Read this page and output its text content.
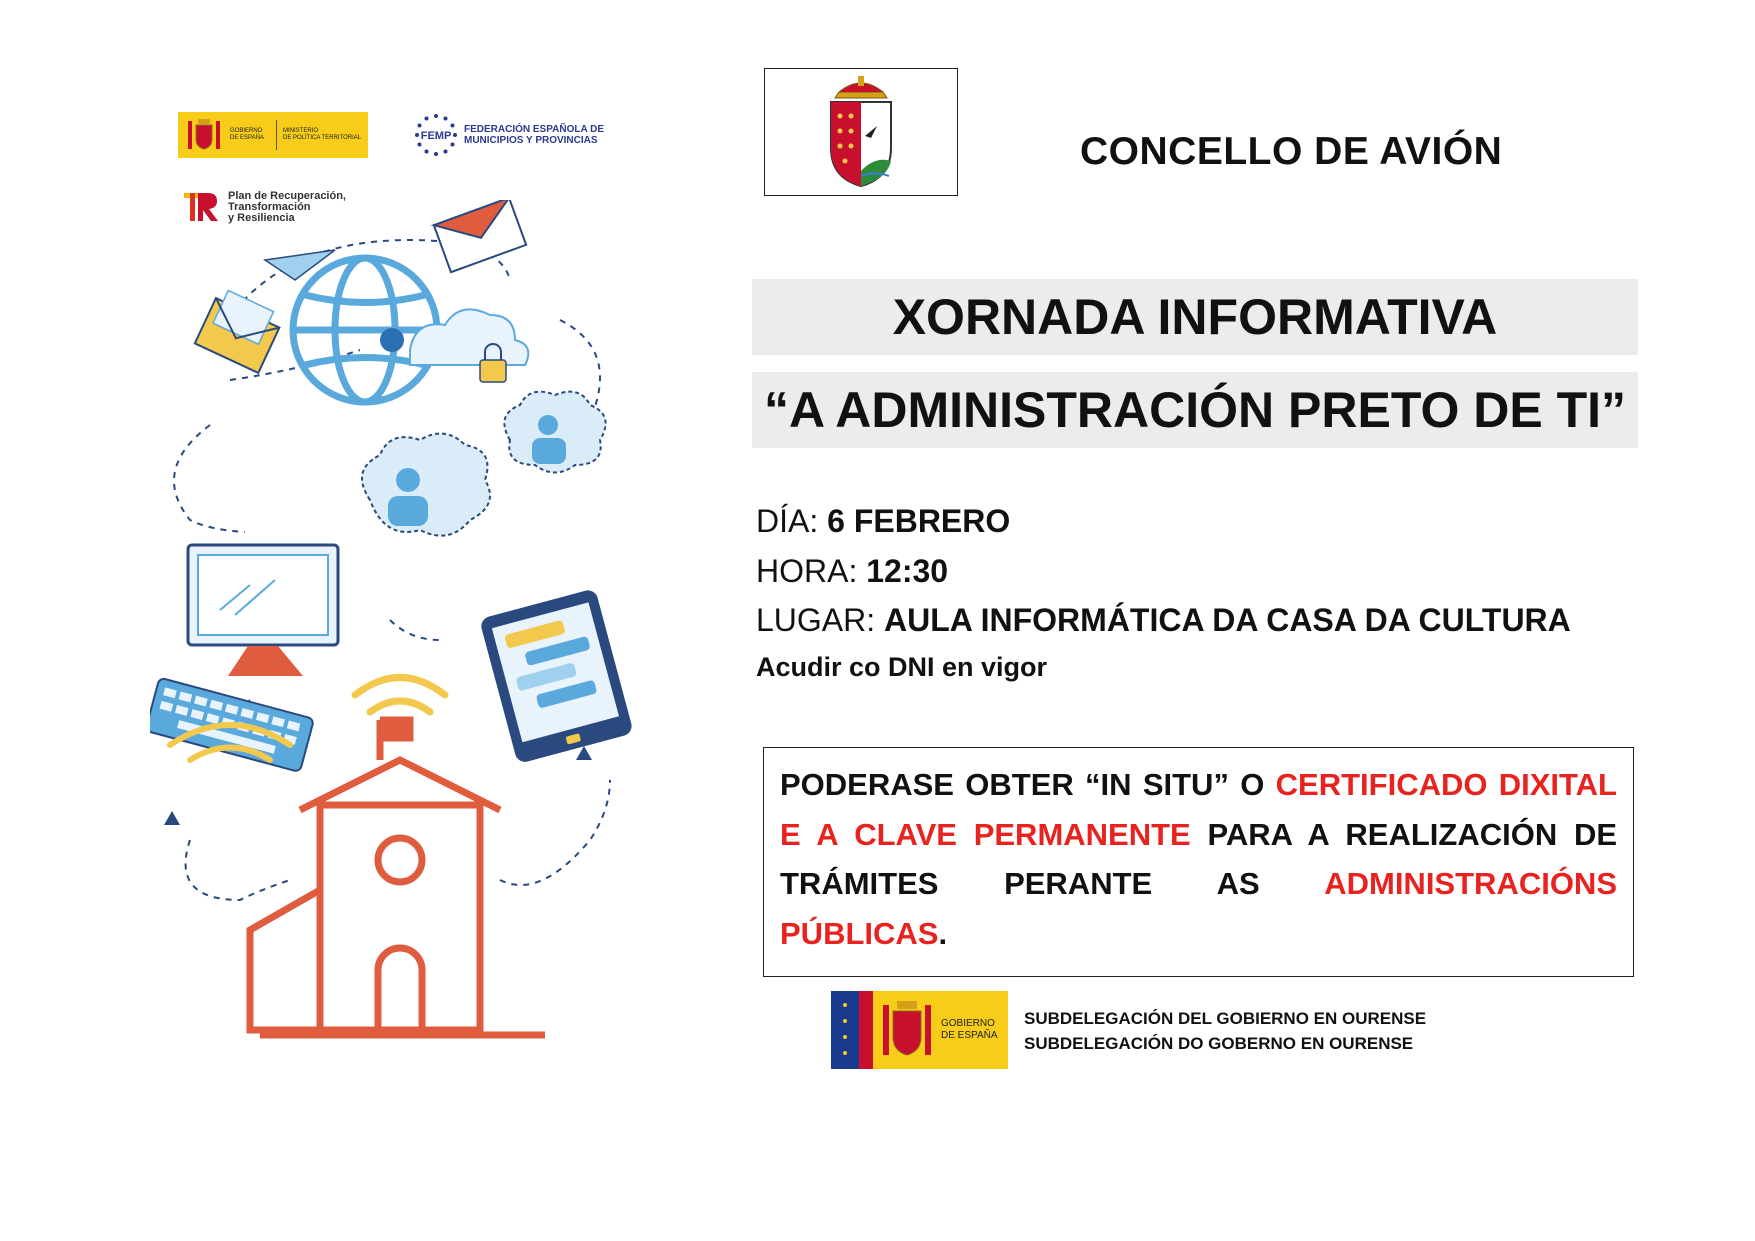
GOBIERNO
DE ESPAÑA
MINISTERIO
DE POLÍTICA TERRITORIAL	FEMP
FEDERACIÓN ESPAÑOLA DE
MUNICIPIOS Y PROVINCIAS
Plan de Recuperación,
Transformación
y Resiliencia
CONCELLO DE AVIÓN
XORNADA INFORMATIVA
“A ADMINISTRACIÓN PRETO DE TI”
DÍA: 6 FEBRERO
HORA: 12:30
LUGAR: AULA INFORMÁTICA DA CASA DA CULTURA
Acudir co DNI en vigor
PODERASE OBTER “IN SITU” O CERTIFICADO DIXITAL E A CLAVE PERMANENTE PARA A REALIZACIÓN DE TRÁMITES PERANTE AS ADMINISTRACIÓNS PÚBLICAS.
GOBIERNO
DE ESPAÑA
SUBDELEGACIÓN DEL GOBIERNO EN OURENSE
SUBDELEGACIÓN DO GOBERNO EN OURENSE
